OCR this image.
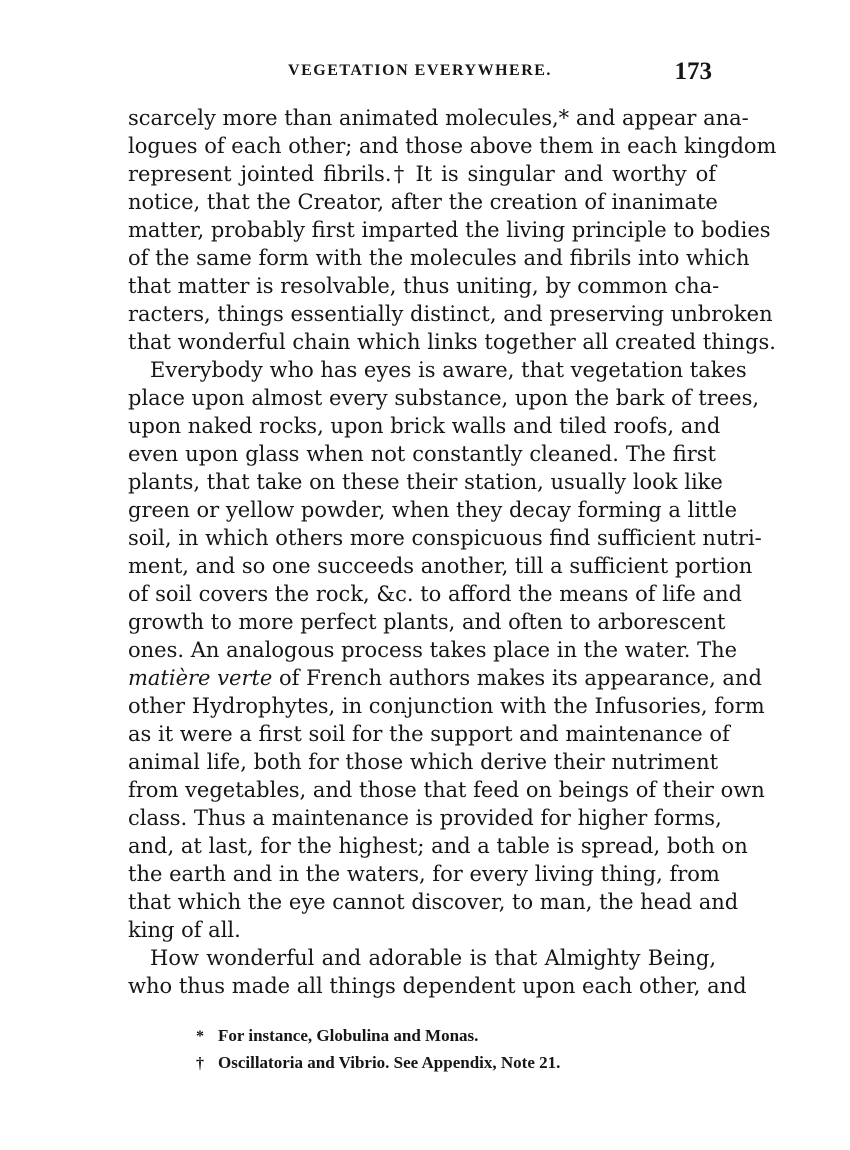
VEGETATION EVERYWHERE.	173
scarcely more than animated molecules,* and appear ana-
logues of each other; and those above them in each kingdom
represent jointed fibrils.† It is singular and worthy of
notice, that the Creator, after the creation of inanimate
matter, probably first imparted the living principle to bodies
of the same form with the molecules and fibrils into which
that matter is resolvable, thus uniting, by common cha-
racters, things essentially distinct, and preserving unbroken
that wonderful chain which links together all created things.
Everybody who has eyes is aware, that vegetation takes
place upon almost every substance, upon the bark of trees,
upon naked rocks, upon brick walls and tiled roofs, and
even upon glass when not constantly cleaned. The first
plants, that take on these their station, usually look like
green or yellow powder, when they decay forming a little
soil, in which others more conspicuous find sufficient nutri-
ment, and so one succeeds another, till a sufficient portion
of soil covers the rock, &c. to afford the means of life and
growth to more perfect plants, and often to arborescent
ones. An analogous process takes place in the water. The
matière verte of French authors makes its appearance, and
other Hydrophytes, in conjunction with the Infusories, form
as it were a first soil for the support and maintenance of
animal life, both for those which derive their nutriment
from vegetables, and those that feed on beings of their own
class. Thus a maintenance is provided for higher forms,
and, at last, for the highest; and a table is spread, both on
the earth and in the waters, for every living thing, from
that which the eye cannot discover, to man, the head and
king of all.
How wonderful and adorable is that Almighty Being,
who thus made all things dependent upon each other, and
* For instance, Globulina and Monas.
† Oscillatoria and Vibrio. See Appendix, Note 21.
